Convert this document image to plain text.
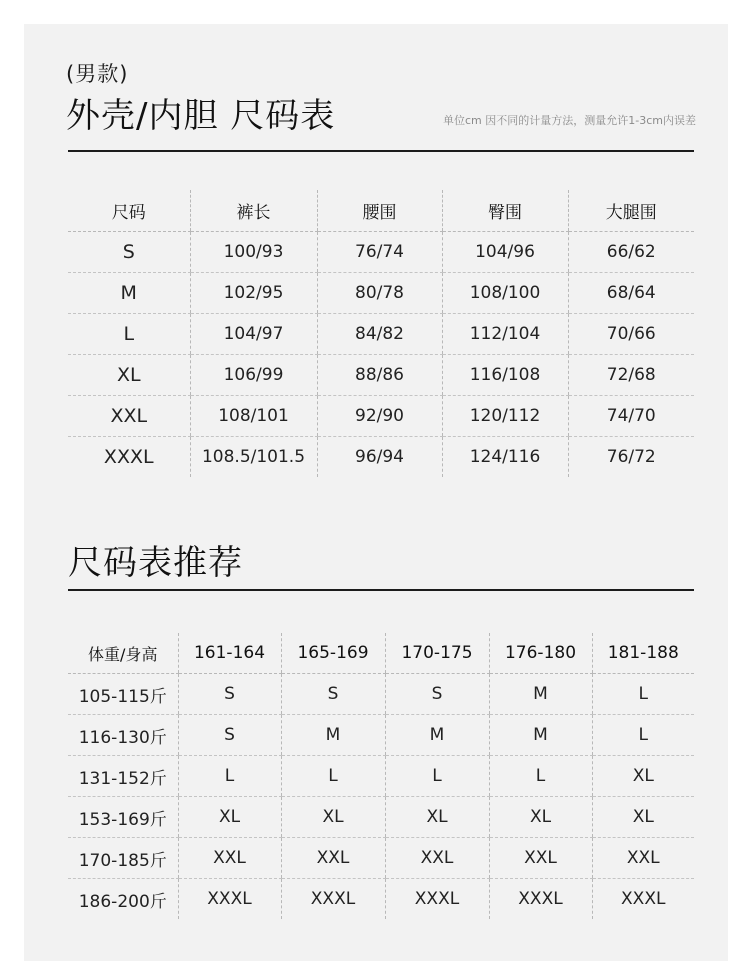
(男款)
外壳/内胆 尺码表	单位cm 因不同的计量方法，测量允许1-3cm内误差
尺码	裤长	腰围	臀围	大腿围
S	100/93	76/74	104/96	66/62
M	102/95	80/78	108/100	68/64
L	104/97	84/82	112/104	70/66
XL	106/99	88/86	116/108	72/68
XXL	108/101	92/90	120/112	74/70
XXXL	108.5/101.5	96/94	124/116	76/72
尺码表推荐
体重/身高	161-164	165-169	170-175	176-180	181-188
105-115斤	S	S	S	M	L
116-130斤	S	M	M	M	L
131-152斤	L	L	L	L	XL
153-169斤	XL	XL	XL	XL	XL
170-185斤	XXL	XXL	XXL	XXL	XXL
186-200斤	XXXL	XXXL	XXXL	XXXL	XXXL
